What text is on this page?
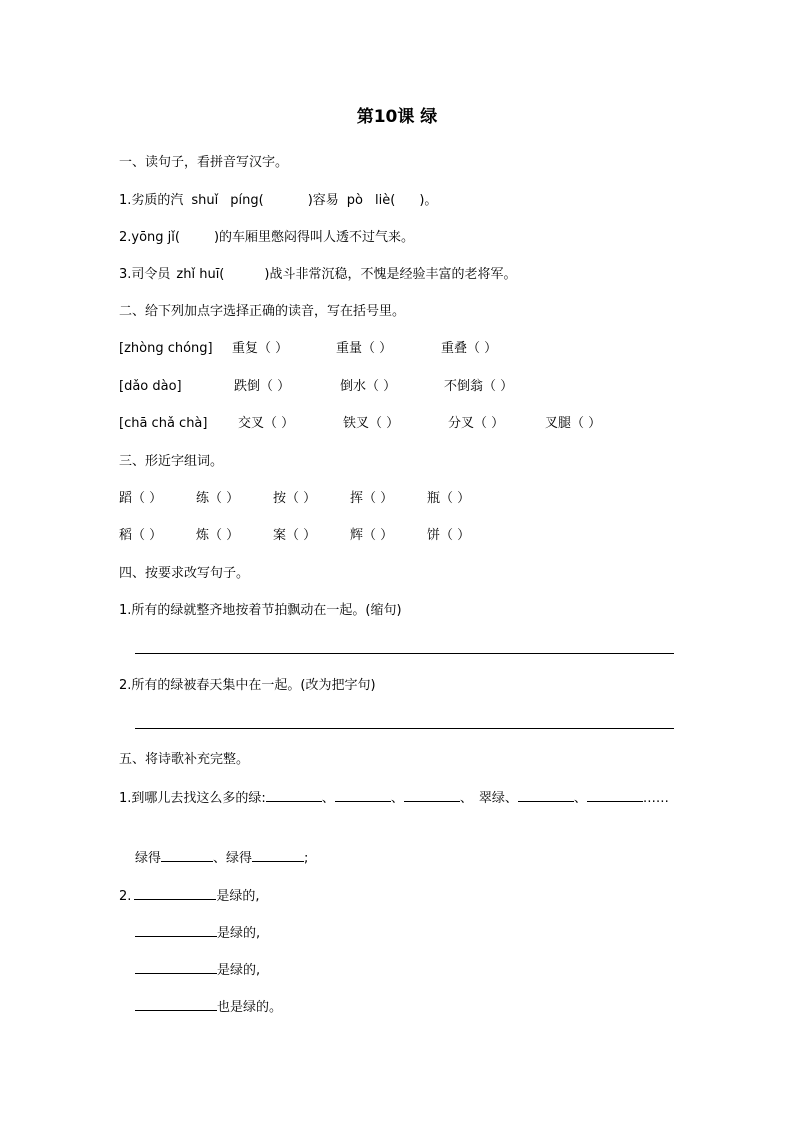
第10课 绿
一、读句子，看拼音写汉字。
1.劣质的汽 shuǐ píng(	)容易 pò liè( )。
2.yōng jǐ(	)的车厢里憋闷得叫人透不过气来。
3.司令员 zhǐ huī(	)战斗非常沉稳，不愧是经验丰富的老将军。
二、给下列加点字选择正确的读音，写在括号里。
[zhòng chóng] 重复（ ）	重量（ ）	重叠（ ）
[dǎo dào]	跌倒（ ）	倒水（ ）	不倒翁（ ）
[chā chǎ chà] 交叉（ ）	铁叉（ ）	分叉（ ）	叉腿（ ）
三、形近字组词。
蹈（ ）	练（ ）	按（ ）	挥（ ）	瓶（ ）
稻（ ）	炼（ ）	案（ ）	辉（ ）	饼（ ）
四、按要求改写句子。
1.所有的绿就整齐地按着节拍飘动在一起。(缩句)
2.所有的绿被春天集中在一起。(改为把字句)
五、将诗歌补充完整。
1.到哪儿去找这么多的绿:	、	、	、 翠绿、	、	……
绿得	、绿得	;
2.	是绿的,
是绿的,
是绿的,
也是绿的。
